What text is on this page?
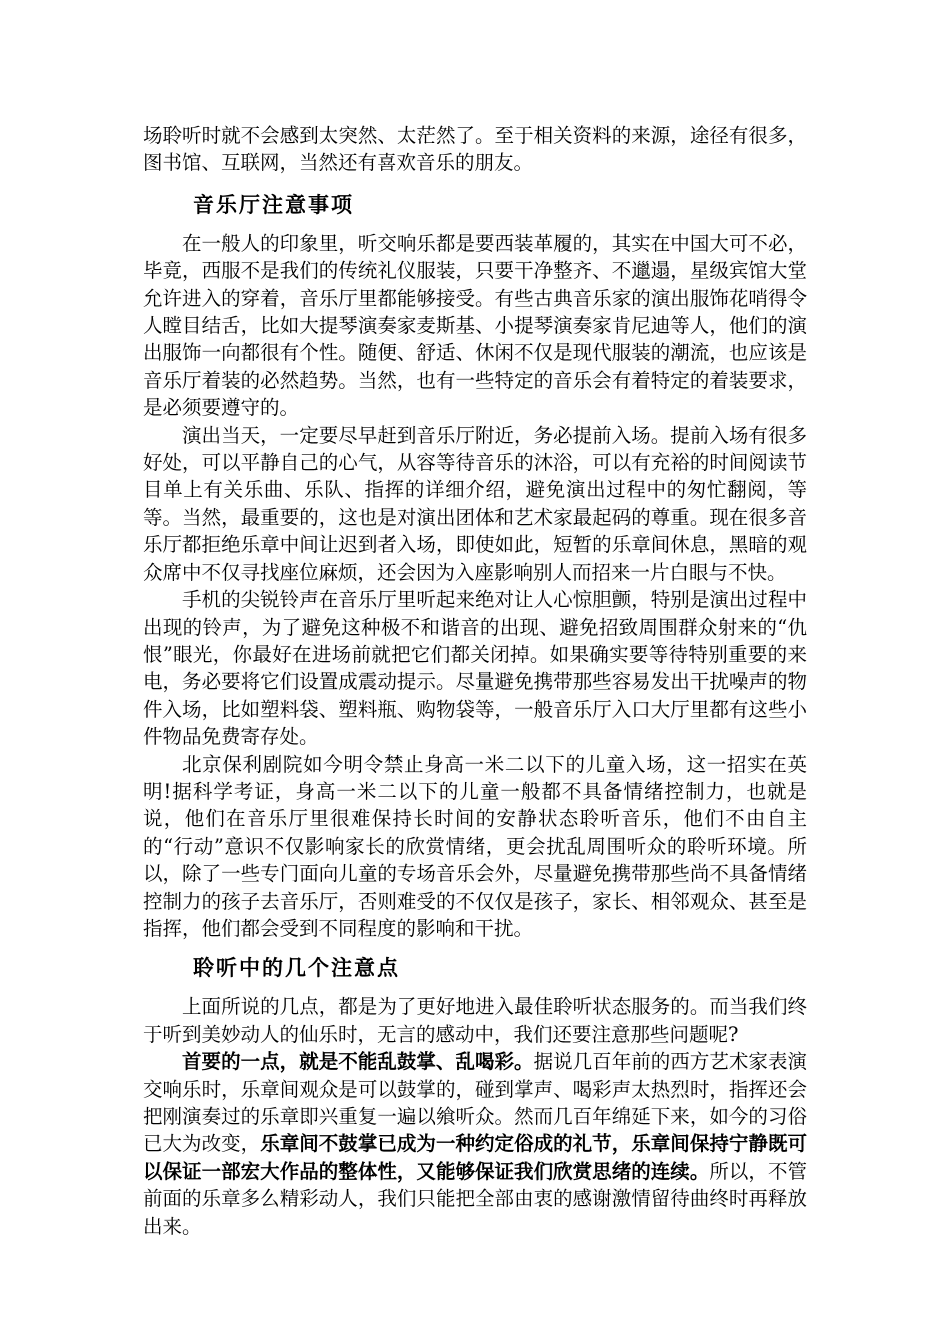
场聆听时就不会感到太突然、太茫然了。至于相关资料的来源，途径有很多，图书馆、互联网，当然还有喜欢音乐的朋友。

音乐厅注意事项

在一般人的印象里，听交响乐都是要西装革履的，其实在中国大可不必，毕竟，西服不是我们的传统礼仪服装，只要干净整齐、不邋遢，星级宾馆大堂允许进入的穿着，音乐厅里都能够接受。有些古典音乐家的演出服饰花哨得令人瞠目结舌，比如大提琴演奏家麦斯基、小提琴演奏家肯尼迪等人，他们的演出服饰一向都很有个性。随便、舒适、休闲不仅是现代服装的潮流，也应该是音乐厅着装的必然趋势。当然，也有一些特定的音乐会有着特定的着装要求，是必须要遵守的。

演出当天，一定要尽早赶到音乐厅附近，务必提前入场。提前入场有很多好处，可以平静自己的心气，从容等待音乐的沐浴，可以有充裕的时间阅读节目单上有关乐曲、乐队、指挥的详细介绍，避免演出过程中的匆忙翻阅，等等。当然，最重要的，这也是对演出团体和艺术家最起码的尊重。现在很多音乐厅都拒绝乐章中间让迟到者入场，即使如此，短暂的乐章间休息，黑暗的观众席中不仅寻找座位麻烦，还会因为入座影响别人而招来一片白眼与不快。

手机的尖锐铃声在音乐厅里听起来绝对让人心惊胆颤，特别是演出过程中出现的铃声，为了避免这种极不和谐音的出现、避免招致周围群众射来的“仇恨”眼光，你最好在进场前就把它们都关闭掉。如果确实要等待特别重要的来电，务必要将它们设置成震动提示。尽量避免携带那些容易发出干扰噪声的物件入场，比如塑料袋、塑料瓶、购物袋等，一般音乐厅入口大厅里都有这些小件物品免费寄存处。

北京保利剧院如今明令禁止身高一米二以下的儿童入场，这一招实在英明!据科学考证，身高一米二以下的儿童一般都不具备情绪控制力，也就是说，他们在音乐厅里很难保持长时间的安静状态聆听音乐，他们不由自主的“行动”意识不仅影响家长的欣赏情绪，更会扰乱周围听众的聆听环境。所以，除了一些专门面向儿童的专场音乐会外，尽量避免携带那些尚不具备情绪控制力的孩子去音乐厅，否则难受的不仅仅是孩子，家长、相邻观众、甚至是指挥，他们都会受到不同程度的影响和干扰。

聆听中的几个注意点

上面所说的几点，都是为了更好地进入最佳聆听状态服务的。而当我们终于听到美妙动人的仙乐时，无言的感动中，我们还要注意那些问题呢?

首要的一点，就是不能乱鼓掌、乱喝彩。据说几百年前的西方艺术家表演交响乐时，乐章间观众是可以鼓掌的，碰到掌声、喝彩声太热烈时，指挥还会把刚演奏过的乐章即兴重复一遍以飨听众。然而几百年绵延下来，如今的习俗已大为改变，乐章间不鼓掌已成为一种约定俗成的礼节，乐章间保持宁静既可以保证一部宏大作品的整体性，又能够保证我们欣赏思绪的连续。所以，不管前面的乐章多么精彩动人，我们只能把全部由衷的感谢激情留待曲终时再释放出来。
